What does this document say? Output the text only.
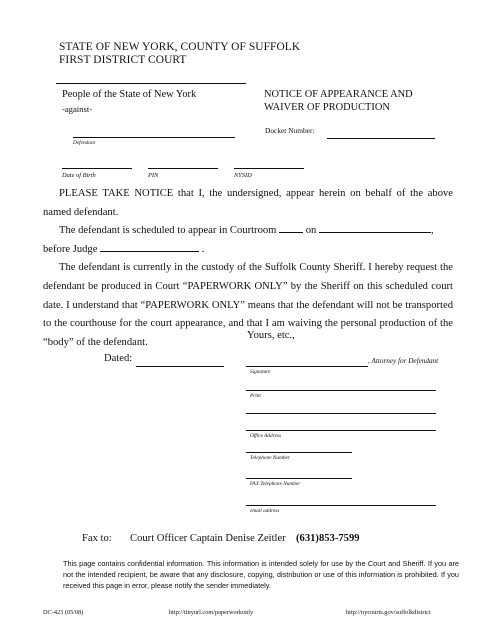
STATE OF NEW YORK, COUNTY OF SUFFOLK
FIRST DISTRICT COURT
People of the State of New York
-against-
Defendant
Date of Birth	PIN	NYSID
NOTICE OF APPEARANCE AND
WAIVER OF PRODUCTION
Docket Number:

PLEASE TAKE NOTICE that I, the undersigned, appear herein on behalf of the above named defendant.

The defendant is scheduled to appear in Courtroom	on	,

before Judge	.

The defendant is currently in the custody of the Suffolk County Sheriff. I hereby request the defendant be produced in Court “PAPERWORK ONLY” by the Sheriff on this scheduled court date. I understand that “PAPERWORK ONLY” means that the defendant will not be transported to the courthouse for the court appearance, and that I am waiving the personal production of the “body” of the defendant.

Yours, etc.,
Dated:	, Attorney for Defendant
Signature
Print
Office Address
Telephone Number
FAX Telephone Number
email address
Fax to: Court Officer Captain Denise Zeitler (631)853-7599
This page contains confidential information. This information is intended solely for use by the Court and Sheriff. If you are not the intended recipient, be aware that any disclosure, copying, distribution or use of this information is prohibited. If you received this page in error, please notify the sender immediately.
DC-423 (05/08)	http://tinyurl.com/paperworkonly	http://nycourts.gov/suffolkdistrict
